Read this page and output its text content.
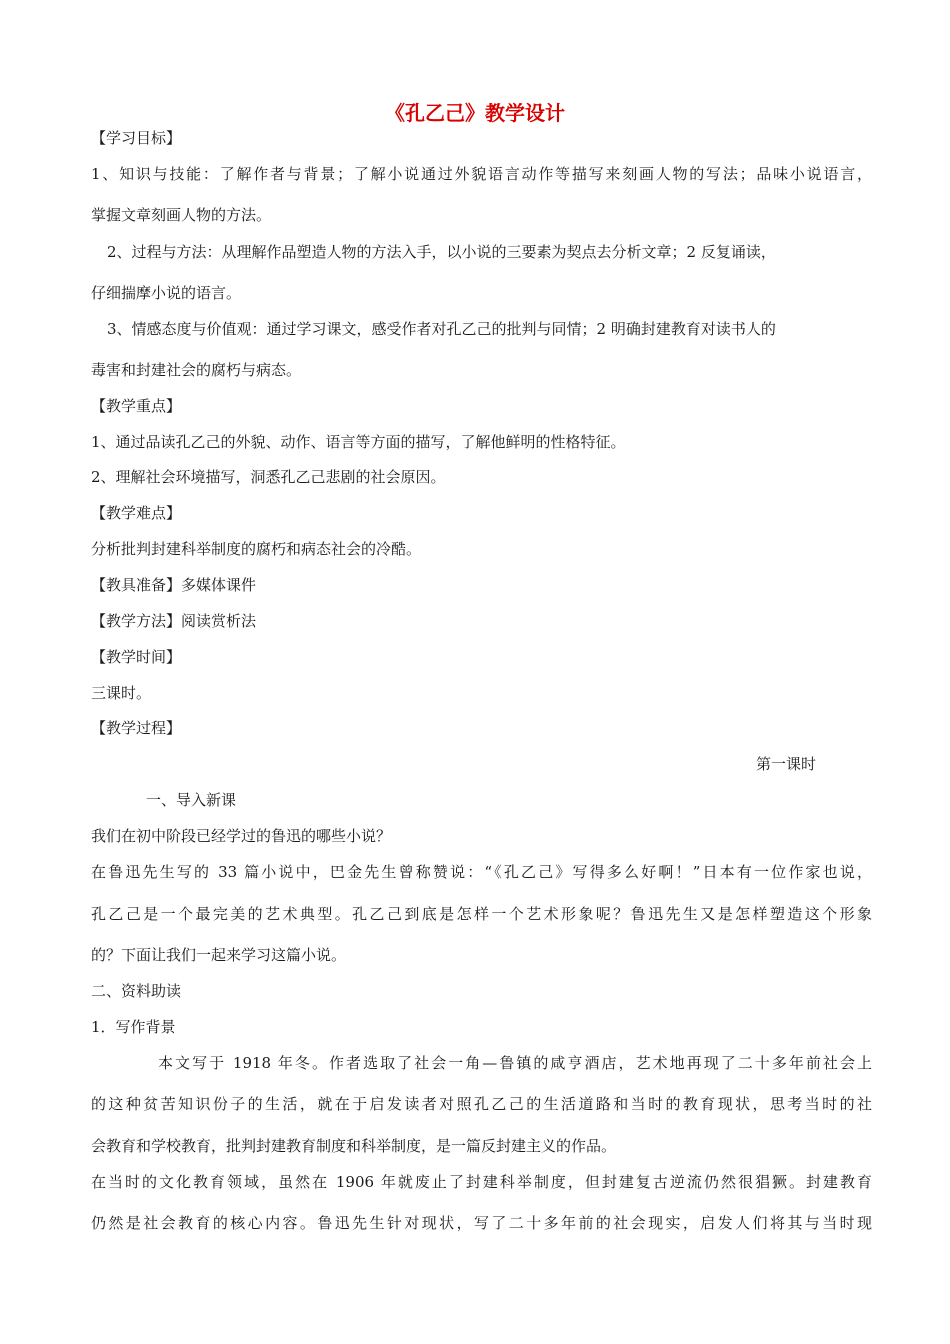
《孔乙己》教学设计
【学习目标】
1、知识与技能：了解作者与背景；了解小说通过外貌语言动作等描写来刻画人物的写法；品味小说语言，
掌握文章刻画人物的方法。
2、过程与方法：从理解作品塑造人物的方法入手，以小说的三要素为契点去分析文章；2 反复诵读，
仔细揣摩小说的语言。
3、情感态度与价值观：通过学习课文，感受作者对孔乙己的批判与同情；2 明确封建教育对读书人的
毒害和封建社会的腐朽与病态。
【教学重点】
1、通过品读孔乙己的外貌、动作、语言等方面的描写，了解他鲜明的性格特征。
2、理解社会环境描写，洞悉孔乙己悲剧的社会原因。
【教学难点】
分析批判封建科举制度的腐朽和病态社会的冷酷。
【教具准备】多媒体课件
【教学方法】阅读赏析法
【教学时间】
三课时。
【教学过程】
第一课时
一、导入新课
我们在初中阶段已经学过的鲁迅的哪些小说？
在鲁迅先生写的 33 篇小说中，巴金先生曾称赞说：“《孔乙己》写得多么好啊！”日本有一位作家也说，
孔乙己是一个最完美的艺术典型。孔乙己到底是怎样一个艺术形象呢？鲁迅先生又是怎样塑造这个形象
的？下面让我们一起来学习这篇小说。
二、资料助读
1．写作背景
本文写于 1918 年冬。作者选取了社会一角—鲁镇的咸亨酒店，艺术地再现了二十多年前社会上
的这种贫苦知识份子的生活，就在于启发读者对照孔乙己的生活道路和当时的教育现状，思考当时的社
会教育和学校教育，批判封建教育制度和科举制度，是一篇反封建主义的作品。
在当时的文化教育领域，虽然在 1906 年就废止了封建科举制度，但封建复古逆流仍然很猖獗。封建教育
仍然是社会教育的核心内容。鲁迅先生针对现状，写了二十多年前的社会现实，启发人们将其与当时现
